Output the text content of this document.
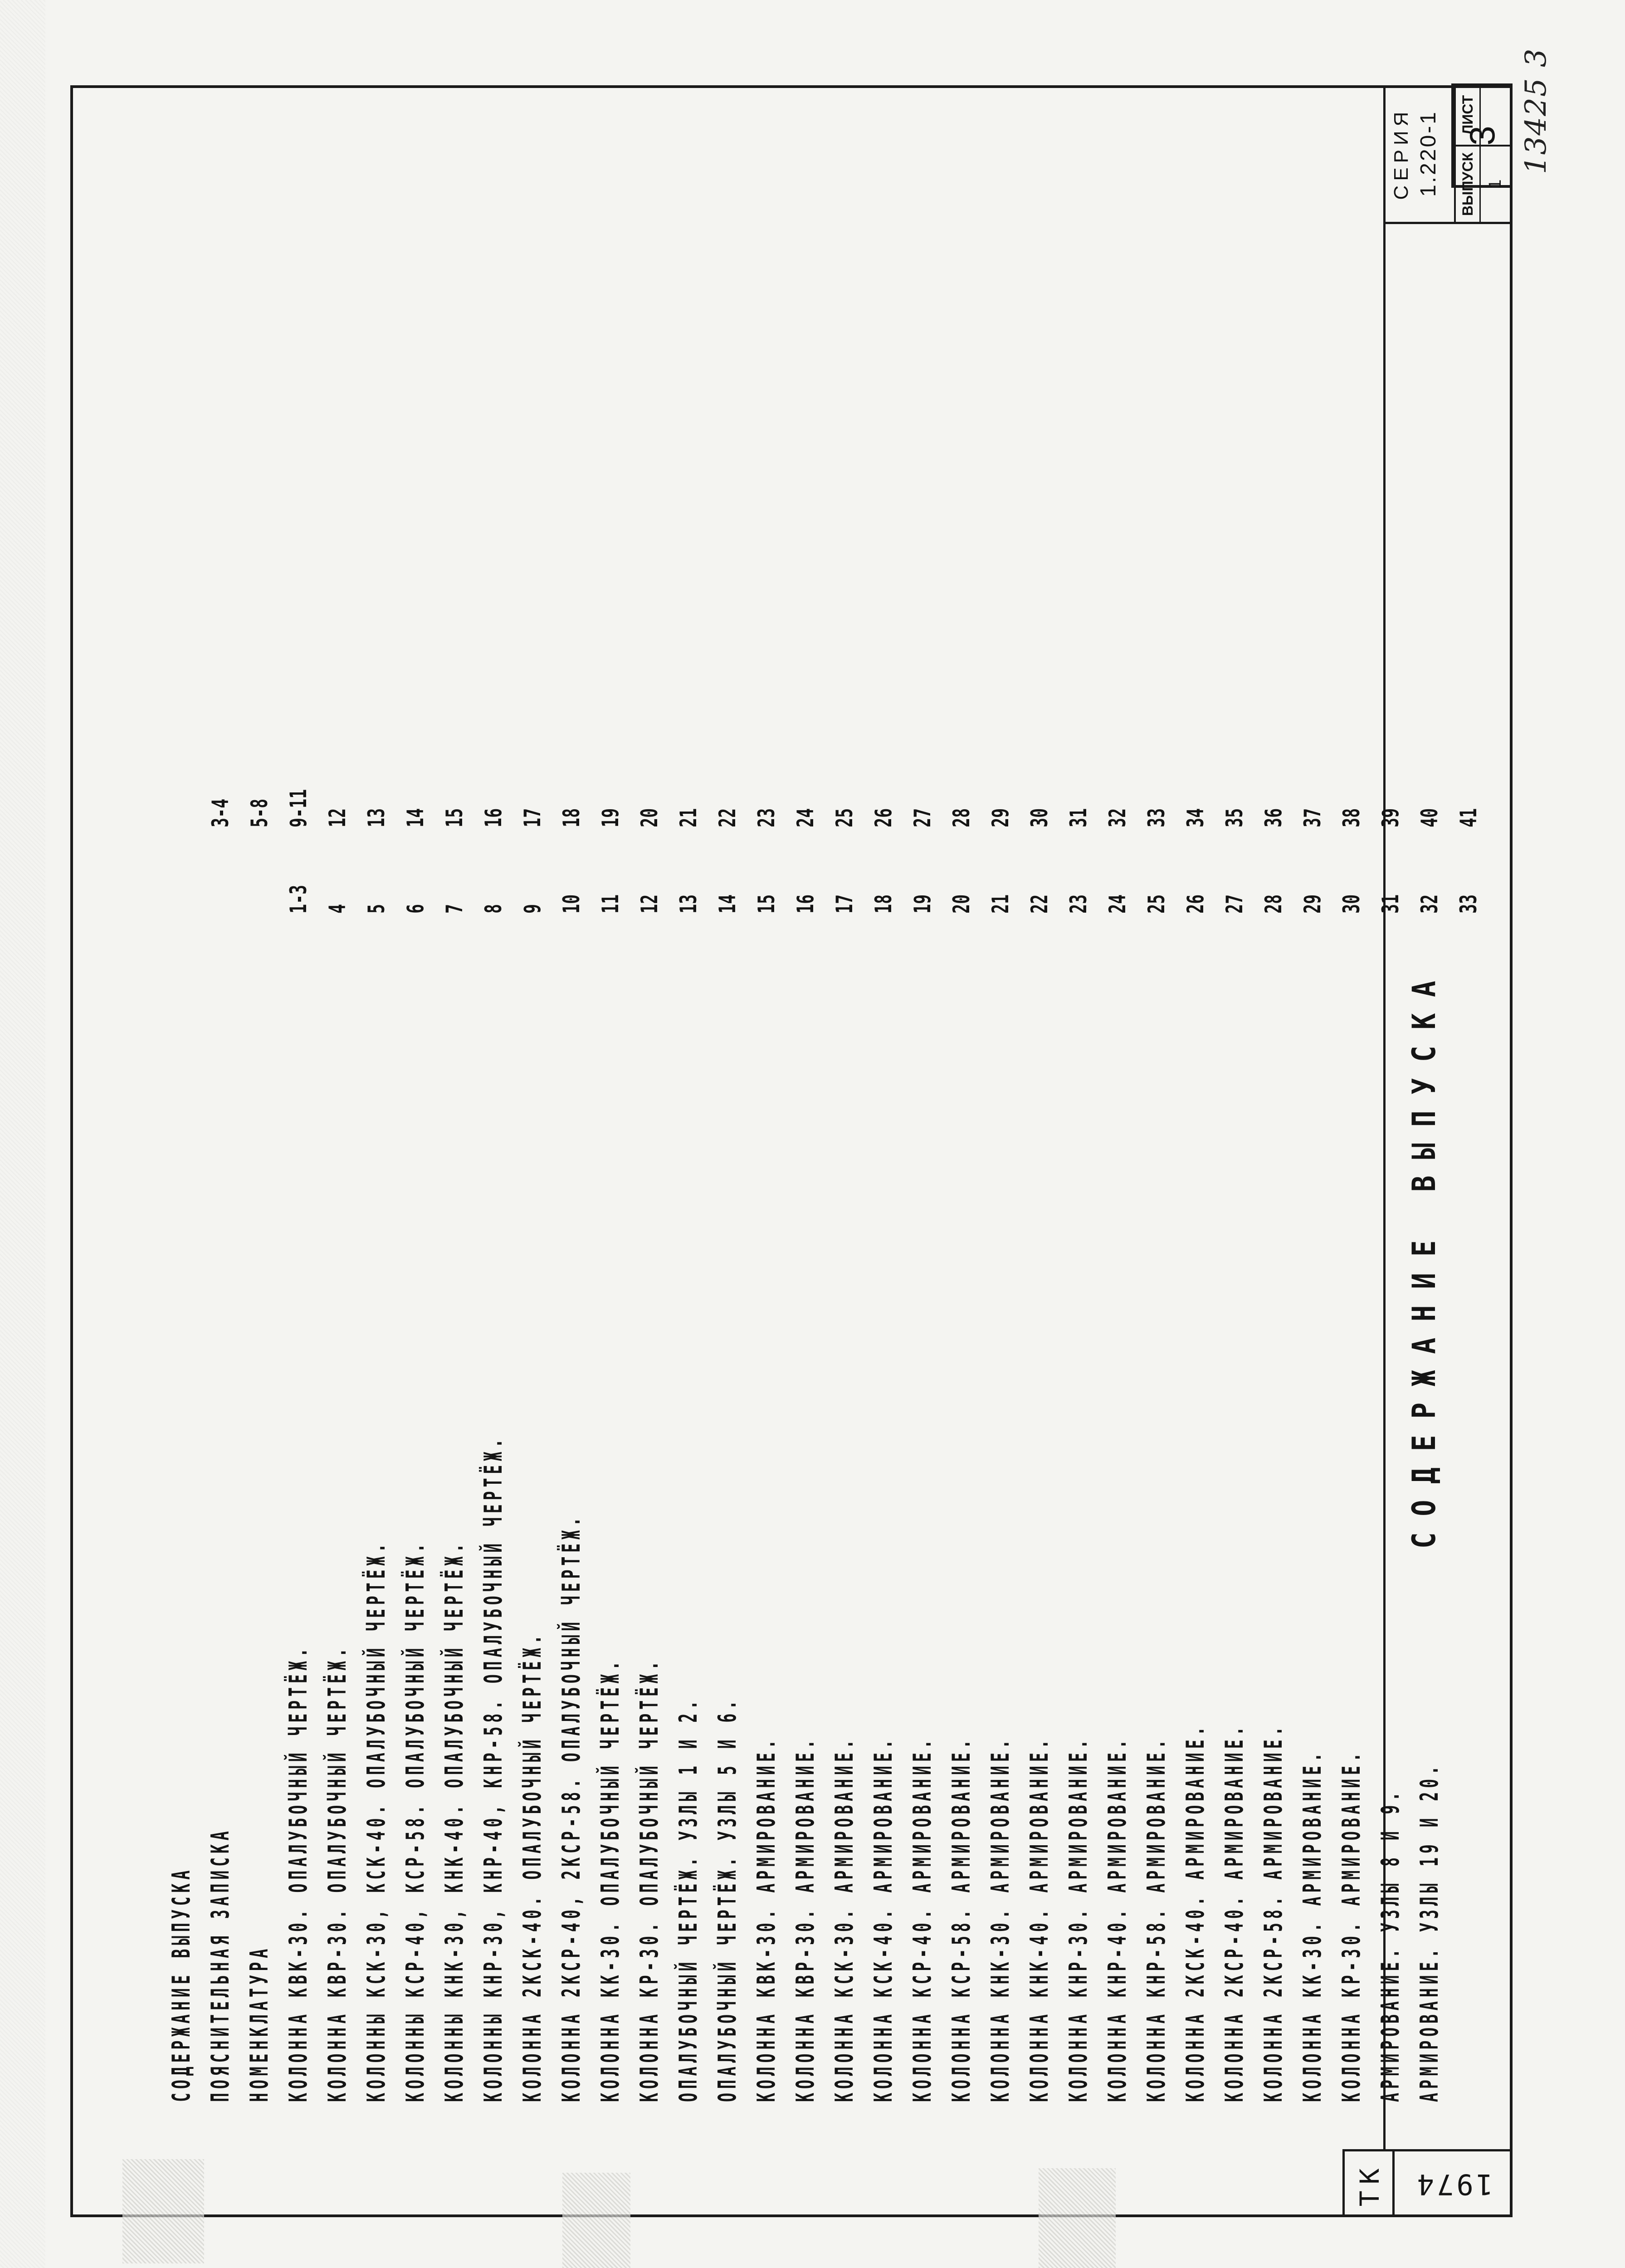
3
ТК	1974
СОДЕРЖАНИЕ ВЫПУСКА
СЕРИЯ 1.220-1 ВЫПУСК 1
ЛИСТ 13425 3
СОДЕРЖАНИЕ ВЫПУСКА ПОЯСНИТЕЛЬНАЯ ЗАПИСКА НОМЕНКЛАТУРА
3-4
КОЛОННА КВК-30. ОПАЛУБОЧНЫЙ ЧЕРТЁЖ.
1-3
5-8
КОЛОННА КВР-30. ОПАЛУБОЧНЫЙ ЧЕРТЁЖ.
4
9-11
КОЛОННЫ КСК-30, КСК-40. ОПАЛУБОЧНЫЙ ЧЕРТЁЖ.
5
12
КОЛОННЫ КСР-40, КСР-58. ОПАЛУБОЧНЫЙ ЧЕРТЁЖ.
6
13
КОЛОННЫ КНК-30, КНК-40. ОПАЛУБОЧНЫЙ ЧЕРТЁЖ.
7
14
КОЛОННЫ КНР-30, КНР-40, КНР-58. ОПАЛУБОЧНЫЙ ЧЕРТЁЖ.
8
15
КОЛОННА 2КСК-40. ОПАЛУБОЧНЫЙ ЧЕРТЁЖ.
9
16
КОЛОННА 2КСР-40, 2КСР-58. ОПАЛУБОЧНЫЙ ЧЕРТЁЖ.
10
17
КОЛОННА КК-30. ОПАЛУБОЧНЫЙ ЧЕРТЁЖ.
11
18
КОЛОННА КР-30. ОПАЛУБОЧНЫЙ ЧЕРТЁЖ.
12
19
ОПАЛУБОЧНЫЙ ЧЕРТЁЖ. УЗЛЫ 1 И 2.
13
20
ОПАЛУБОЧНЫЙ ЧЕРТЁЖ. УЗЛЫ 5 И 6.
14
21
КОЛОННА КВК-30. АРМИРОВАНИЕ.
15
22
КОЛОННА КВР-30. АРМИРОВАНИЕ.
16
23
КОЛОННА КСК-30. АРМИРОВАНИЕ.
17
24
КОЛОННА КСК-40. АРМИРОВАНИЕ.
18
25
КОЛОННА КСР-40. АРМИРОВАНИЕ.
19
26
КОЛОННА КСР-58. АРМИРОВАНИЕ.
20
27
КОЛОННА КНК-30. АРМИРОВАНИЕ.
21
28
КОЛОННА КНК-40. АРМИРОВАНИЕ.
22
29
КОЛОННА КНР-30. АРМИРОВАНИЕ.
23
30
КОЛОННА КНР-40. АРМИРОВАНИЕ.
24
31
КОЛОННА КНР-58. АРМИРОВАНИЕ.
25
32
КОЛОННА 2КСК-40. АРМИРОВАНИЕ.
26
33
КОЛОННА 2КСР-40. АРМИРОВАНИЕ.
27
34
КОЛОННА 2КСР-58. АРМИРОВАНИЕ.
28
35
КОЛОННА КК-30. АРМИРОВАНИЕ.
29
36
КОЛОННА КР-30. АРМИРОВАНИЕ.
30
37
АРМИРОВАНИЕ. УЗЛЫ 8 И 9.
31
38
АРМИРОВАНИЕ. УЗЛЫ 19 И 20.
32
39
33
40 41
